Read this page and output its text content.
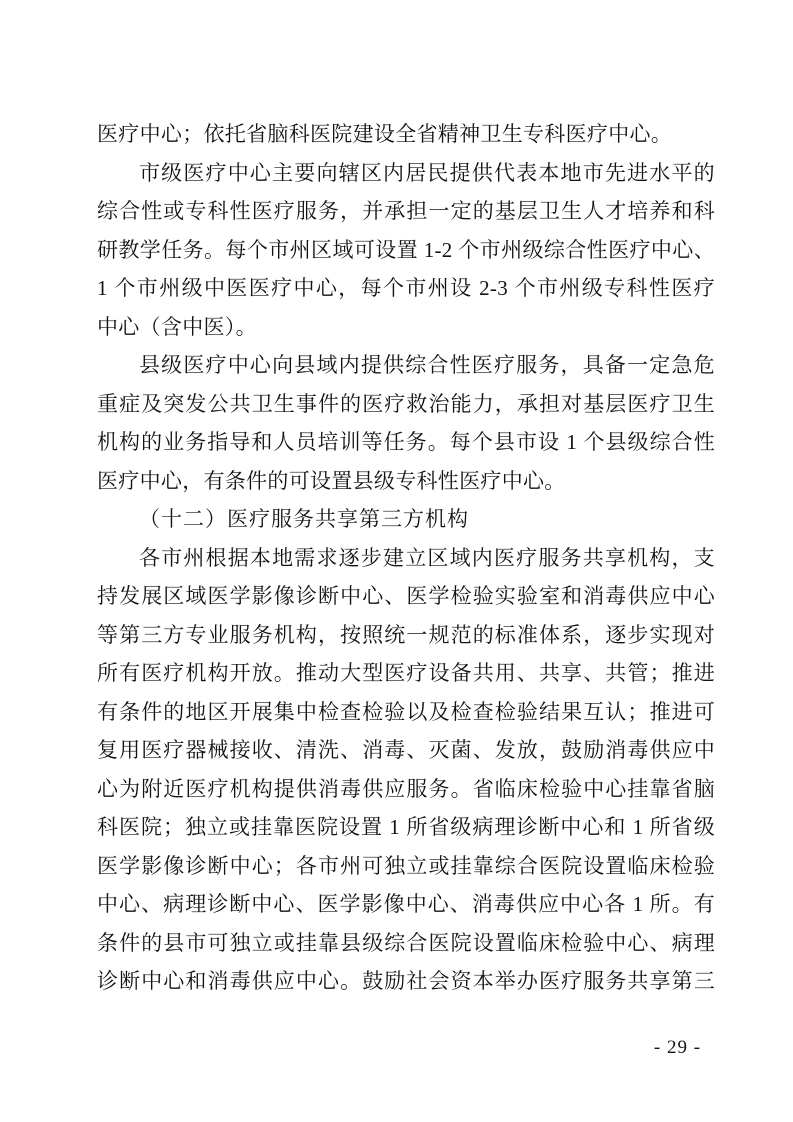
医疗中心；依托省脑科医院建设全省精神卫生专科医疗中心。
市级医疗中心主要向辖区内居民提供代表本地市先进水平的
综合性或专科性医疗服务，并承担一定的基层卫生人才培养和科
研教学任务。每个市州区域可设置 1-2 个市州级综合性医疗中心、
1 个市州级中医医疗中心，每个市州设 2-3 个市州级专科性医疗
中心（含中医）。
县级医疗中心向县域内提供综合性医疗服务，具备一定急危
重症及突发公共卫生事件的医疗救治能力，承担对基层医疗卫生
机构的业务指导和人员培训等任务。每个县市设 1 个县级综合性
医疗中心，有条件的可设置县级专科性医疗中心。
（十二）医疗服务共享第三方机构
各市州根据本地需求逐步建立区域内医疗服务共享机构，支
持发展区域医学影像诊断中心、医学检验实验室和消毒供应中心
等第三方专业服务机构，按照统一规范的标准体系，逐步实现对
所有医疗机构开放。推动大型医疗设备共用、共享、共管；推进
有条件的地区开展集中检查检验以及检查检验结果互认；推进可
复用医疗器械接收、清洗、消毒、灭菌、发放，鼓励消毒供应中
心为附近医疗机构提供消毒供应服务。省临床检验中心挂靠省脑
科医院；独立或挂靠医院设置 1 所省级病理诊断中心和 1 所省级
医学影像诊断中心；各市州可独立或挂靠综合医院设置临床检验
中心、病理诊断中心、医学影像中心、消毒供应中心各 1 所。有
条件的县市可独立或挂靠县级综合医院设置临床检验中心、病理
诊断中心和消毒供应中心。鼓励社会资本举办医疗服务共享第三
- 29 -
